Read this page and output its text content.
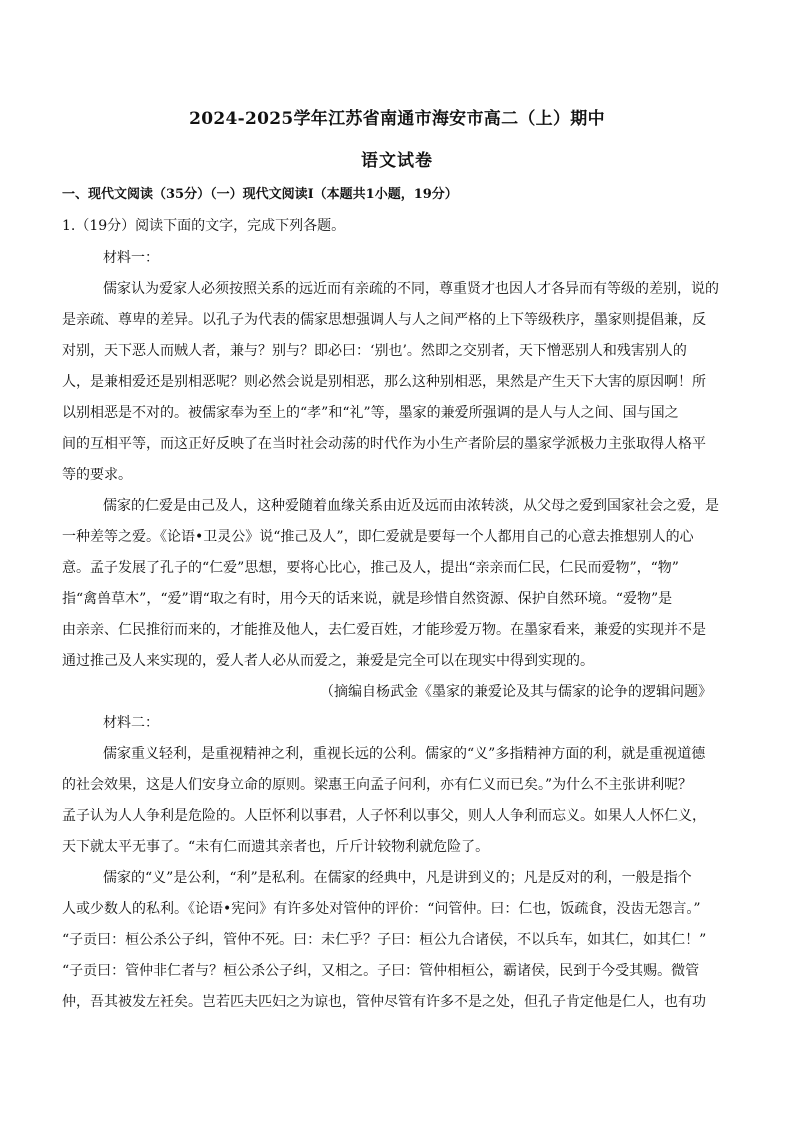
2024-2025学年江苏省南通市海安市高二（上）期中
语文试卷
一、现代文阅读（35分）（一）现代文阅读Ⅰ（本题共1小题，19分）
1.（19分）阅读下面的文字，完成下列各题。
材料一：
儒家认为爱家人必须按照关系的远近而有亲疏的不同，尊重贤才也因人才各异而有等级的差别，说的
是亲疏、尊卑的差异。以孔子为代表的儒家思想强调人与人之间严格的上下等级秩序，墨家则提倡兼，反
对别，天下恶人而贼人者，兼与？别与？即必曰：‘别也’。然即之交别者，天下憎恶别人和残害别人的
人，是兼相爱还是别相恶呢？则必然会说是别相恶，那么这种别相恶，果然是产生天下大害的原因啊！所
以别相恶是不对的。被儒家奉为至上的“孝”和“礼”等，墨家的兼爱所强调的是人与人之间、国与国之
间的互相平等，而这正好反映了在当时社会动荡的时代作为小生产者阶层的墨家学派极力主张取得人格平
等的要求。
儒家的仁爱是由己及人，这种爱随着血缘关系由近及远而由浓转淡，从父母之爱到国家社会之爱，是
一种差等之爱。《论语•卫灵公》说“推己及人”，即仁爱就是要每一个人都用自己的心意去推想别人的心
意。孟子发展了孔子的“仁爱”思想，要将心比心，推己及人，提出“亲亲而仁民，仁民而爱物”，“物”
指“禽兽草木”，“爱”谓“取之有时，用今天的话来说，就是珍惜自然资源、保护自然环境。“爱物”是
由亲亲、仁民推衍而来的，才能推及他人，去仁爱百姓，才能珍爱万物。在墨家看来，兼爱的实现并不是
通过推己及人来实现的，爱人者人必从而爱之，兼爱是完全可以在现实中得到实现的。
（摘编自杨武金《墨家的兼爱论及其与儒家的论争的逻辑问题》
材料二：
儒家重义轻利，是重视精神之利，重视长远的公利。儒家的“义”多指精神方面的利，就是重视道德
的社会效果，这是人们安身立命的原则。梁惠王向孟子问利，亦有仁义而已矣。”为什么不主张讲利呢？
孟子认为人人争利是危险的。人臣怀利以事君，人子怀利以事父，则人人争利而忘义。如果人人怀仁义，
天下就太平无事了。“未有仁而遗其亲者也，斤斤计较物利就危险了。
儒家的“义”是公利，“利”是私利。在儒家的经典中，凡是讲到义的；凡是反对的利，一般是指个
人或少数人的私利。《论语•宪问》有许多处对管仲的评价：“问管仲。曰：仁也，饭疏食，没齿无怨言。”
“子贡曰：桓公杀公子纠，管仲不死。曰：未仁乎？子曰：桓公九合诸侯，不以兵车，如其仁，如其仁！”
“子贡曰：管仲非仁者与？桓公杀公子纠，又相之。子曰：管仲相桓公，霸诸侯，民到于今受其赐。微管
仲，吾其被发左衽矣。岂若匹夫匹妇之为谅也，管仲尽管有许多不是之处，但孔子肯定他是仁人，也有功
